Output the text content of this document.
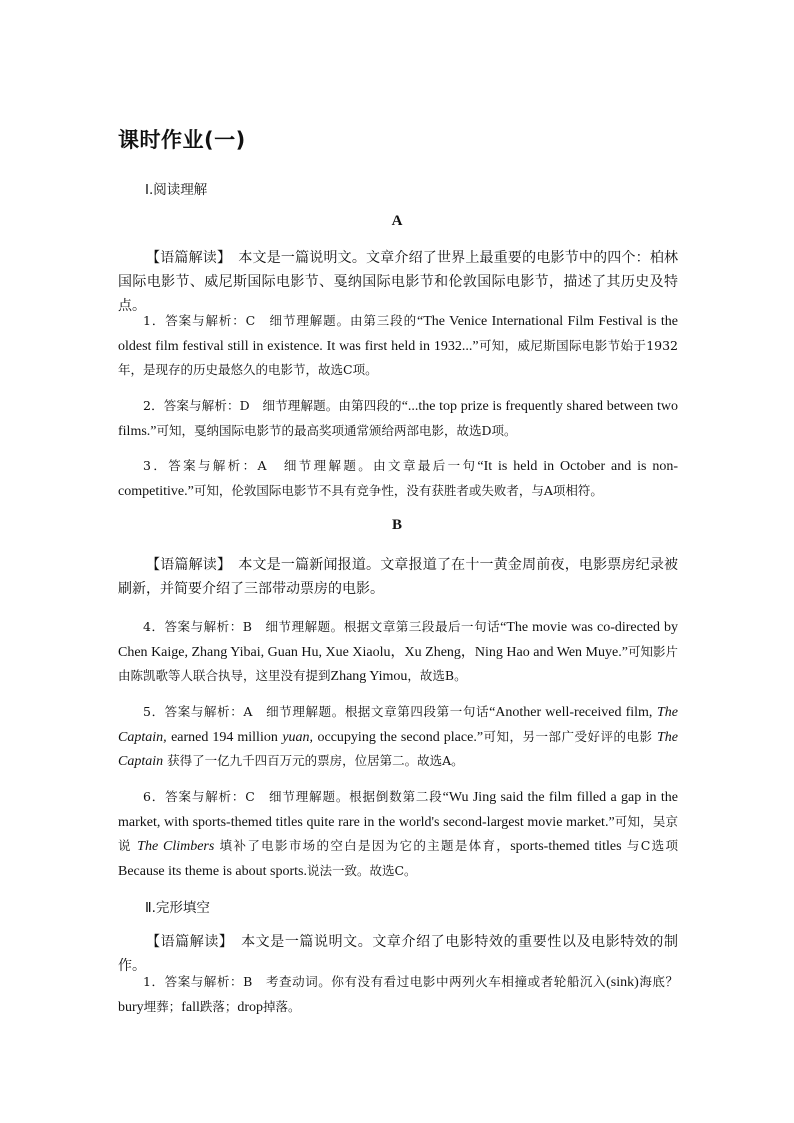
课时作业(一)
Ⅰ.阅读理解
A
【语篇解读】　 本文是一篇说明文。文章介绍了世界上最重要的电影节中的四个：柏林国际电影节、威尼斯国际电影节、戛纳国际电影节和伦敦国际电影节，描述了其历史及特点。
1．答案与解析：C　细节理解题。由第三段的“The Venice International Film Festival is the oldest film festival still in existence. It was first held in 1932...”可知，威尼斯国际电影节始于1932年，是现存的历史最悠久的电影节，故选C项。
2．答案与解析：D　细节理解题。由第四段的“...the top prize is frequently shared between two films.”可知，戛纳国际电影节的最高奖项通常颁给两部电影，故选D项。
3．答案与解析：A　细节理解题。由文章最后一句“It is held in October and is non-competitive.”可知，伦敦国际电影节不具有竞争性，没有获胜者或失败者，与A项相符。
B
【语篇解读】　 本文是一篇新闻报道。文章报道了在十一黄金周前夜，电影票房纪录被刷新，并简要介绍了三部带动票房的电影。
4．答案与解析：B　细节理解题。根据文章第三段最后一句话“The movie was co-directed by Chen Kaige, Zhang Yibai, Guan Hu, Xue Xiaolu，Xu Zheng，Ning Hao and Wen Muye.”可知影片由陈凯歌等人联合执导，这里没有提到Zhang Yimou，故选B。
5．答案与解析：A　细节理解题。根据文章第四段第一句话“Another well-received film, The Captain, earned 194 million yuan, occupying the second place.”可知，另一部广受好评的电影 The Captain 获得了一亿九千四百万元的票房，位居第二。故选A。
6．答案与解析：C　细节理解题。根据倒数第二段“Wu Jing said the film filled a gap in the market, with sports-themed titles quite rare in the world's second-largest movie market.”可知，吴京说 The Climbers 填补了电影市场的空白是因为它的主题是体育，sports-themed titles 与C选项Because its theme is about sports.说法一致。故选C。
Ⅱ.完形填空
【语篇解读】　 本文是一篇说明文。文章介绍了电影特效的重要性以及电影特效的制作。
1．答案与解析：B　考查动词。你有没有看过电影中两列火车相撞或者轮船沉入(sink)海底？bury埋葬；fall跌落；drop掉落。
